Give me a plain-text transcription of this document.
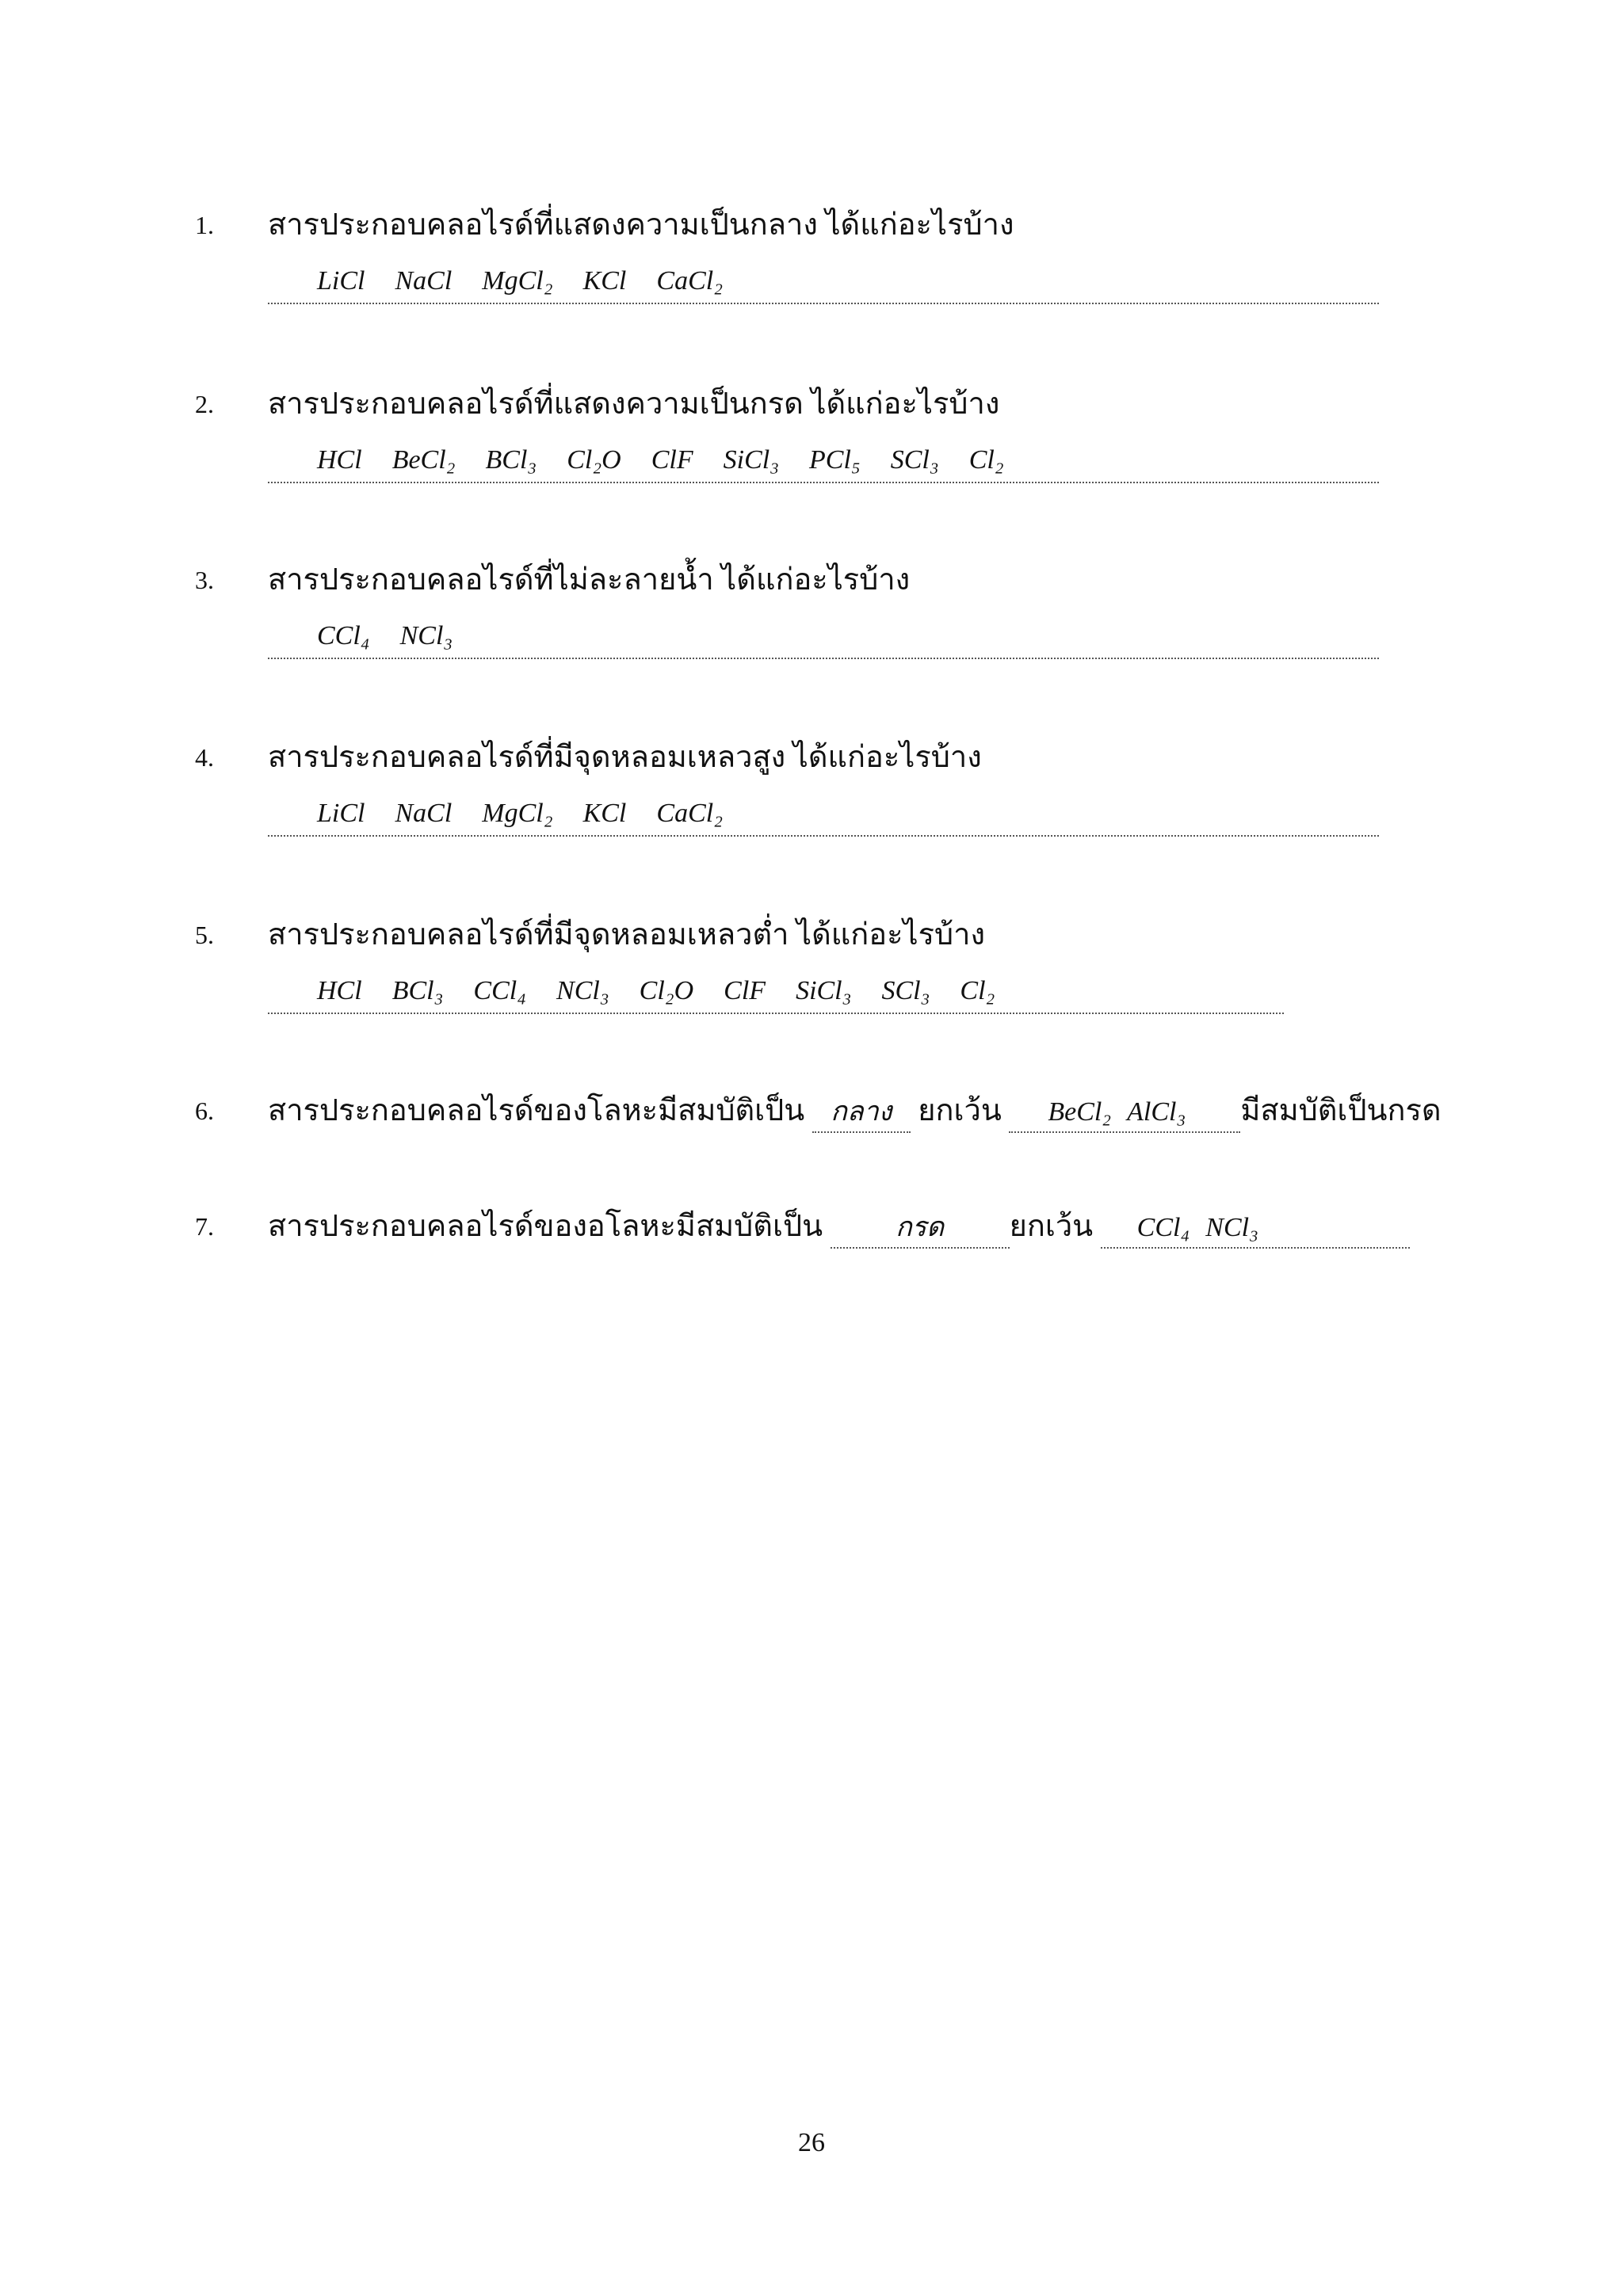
1. สารประกอบคลอไรด์ที่แสดงความเป็นกลาง ได้แก่อะไรบ้าง
LiCl NaCl MgCl₂ KCl CaCl₂
2. สารประกอบคลอไรด์ที่แสดงความเป็นกรด ได้แก่อะไรบ้าง
HCl BeCl₂ BCl₃ Cl₂O ClF SiCl₃ PCl₅ SCl₃ Cl₂
3. สารประกอบคลอไรด์ที่ไม่ละลายน้ำ ได้แก่อะไรบ้าง
CCl₄ NCl₃
4. สารประกอบคลอไรด์ที่มีจุดหลอมเหลวสูง ได้แก่อะไรบ้าง
LiCl NaCl MgCl₂ KCl CaCl₂
5. สารประกอบคลอไรด์ที่มีจุดหลอมเหลวต่ำ ได้แก่อะไรบ้าง
HCl BCl₃ CCl₄ NCl₃ Cl₂O ClF SiCl₃ SCl₃ Cl₂
6. สารประกอบคลอไรด์ของโลหะมีสมบัติเป็น กลาง ยกเว้น BeCl₂ AlCl₃ มีสมบัติเป็นกรด
7. สารประกอบคลอไรด์ของอโลหะมีสมบัติเป็น	กรด ยกเว้น CCl₄ NCl₃
26
